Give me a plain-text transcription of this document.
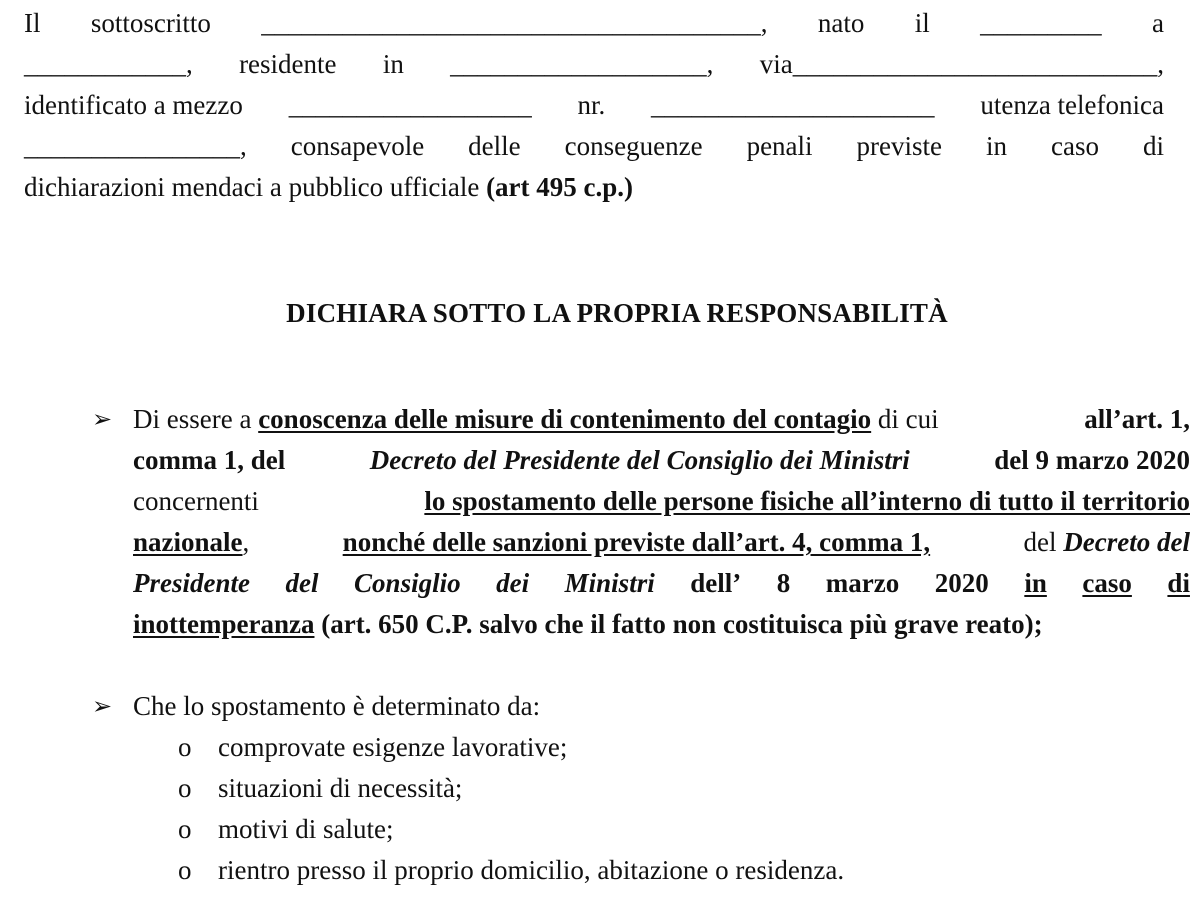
Il sottoscritto _____________________________________, nato il _________ a
____________, residente in ___________________, via___________________________,
identificato a mezzo __________________ nr. _____________________ utenza telefonica
________________, consapevole delle conseguenze penali previste in caso di
dichiarazioni mendaci a pubblico ufficiale (art 495 c.p.)
DICHIARA SOTTO LA PROPRIA RESPONSABILITÀ
➢ Di essere a conoscenza delle misure di contenimento del contagio di cui	all’art. 1,
comma 1, del	Decreto del Presidente del Consiglio dei Ministri	del 9 marzo 2020
concernenti	lo spostamento delle persone fisiche all’interno di tutto il territorio
nazionale,	nonché delle sanzioni previste dall’art. 4, comma 1,	del Decreto del
Presidente del Consiglio dei Ministri dell’ 8 marzo 2020 in caso di
inottemperanza (art. 650 C.P. salvo che il fatto non costituisca più grave reato);
➢ Che lo spostamento è determinato da:
o comprovate esigenze lavorative;
o situazioni di necessità;
o motivi di salute;
o rientro presso il proprio domicilio, abitazione o residenza.
